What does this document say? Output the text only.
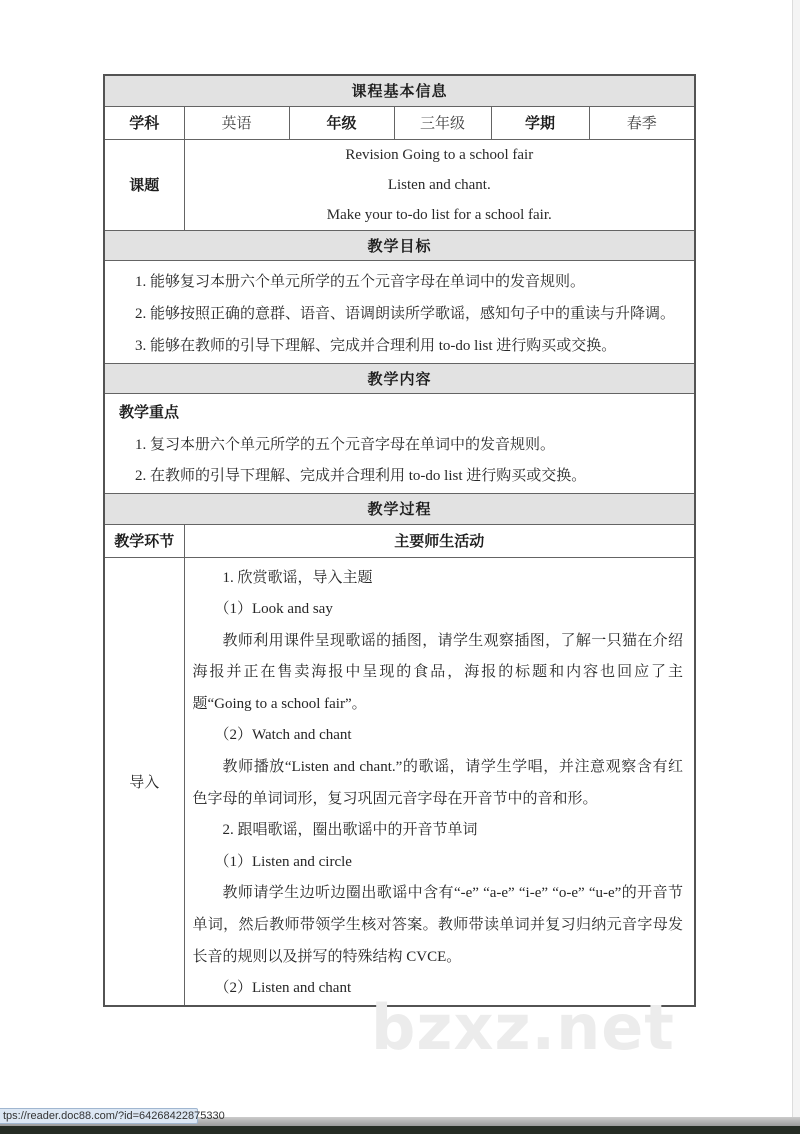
课程基本信息					
学科	英语	年级	三年级	学期	春季
课题	Revision Going to a school fair

Listen and chant.

Make your to-do list for a school fair.				

教学目标					

1. 能够复习本册六个单元所学的五个元音字母在单词中的发音规则。

2. 能够按照正确的意群、语音、语调朗读所学歌谣，感知句子中的重读与升降调。

3. 能够在教师的引导下理解、完成并合理利用 to-do list 进行购买或交换。					

教学内容					

教学重点

1. 复习本册六个单元所学的五个元音字母在单词中的发音规则。

2. 在教师的引导下理解、完成并合理利用 to-do list 进行购买或交换。					

教学过程					
教学环节	主要师生活动				
导入	

1. 欣赏歌谣，导入主题

（1）Look and say

教师利用课件呈现歌谣的插图，请学生观察插图，了解一只猫在介绍海报并正在售卖海报中呈现的食品，海报的标题和内容也回应了主题“Going to a school fair”。

（2）Watch and chant

教师播放“Listen and chant.”的歌谣，请学生学唱，并注意观察含有红色字母的单词词形，复习巩固元音字母在开音节中的音和形。

2. 跟唱歌谣，圈出歌谣中的开音节单词

（1）Listen and circle

教师请学生边听边圈出歌谣中含有“-e” “a-e” “i-e” “o-e” “u-e”的开音节单词，然后教师带领学生核对答案。教师带读单词并复习归纳元音字母发长音的规则以及拼写的特殊结构 CVCE。

（2）Listen and chant

bzxz.net
tps://reader.doc88.com/?id=64268422875330
